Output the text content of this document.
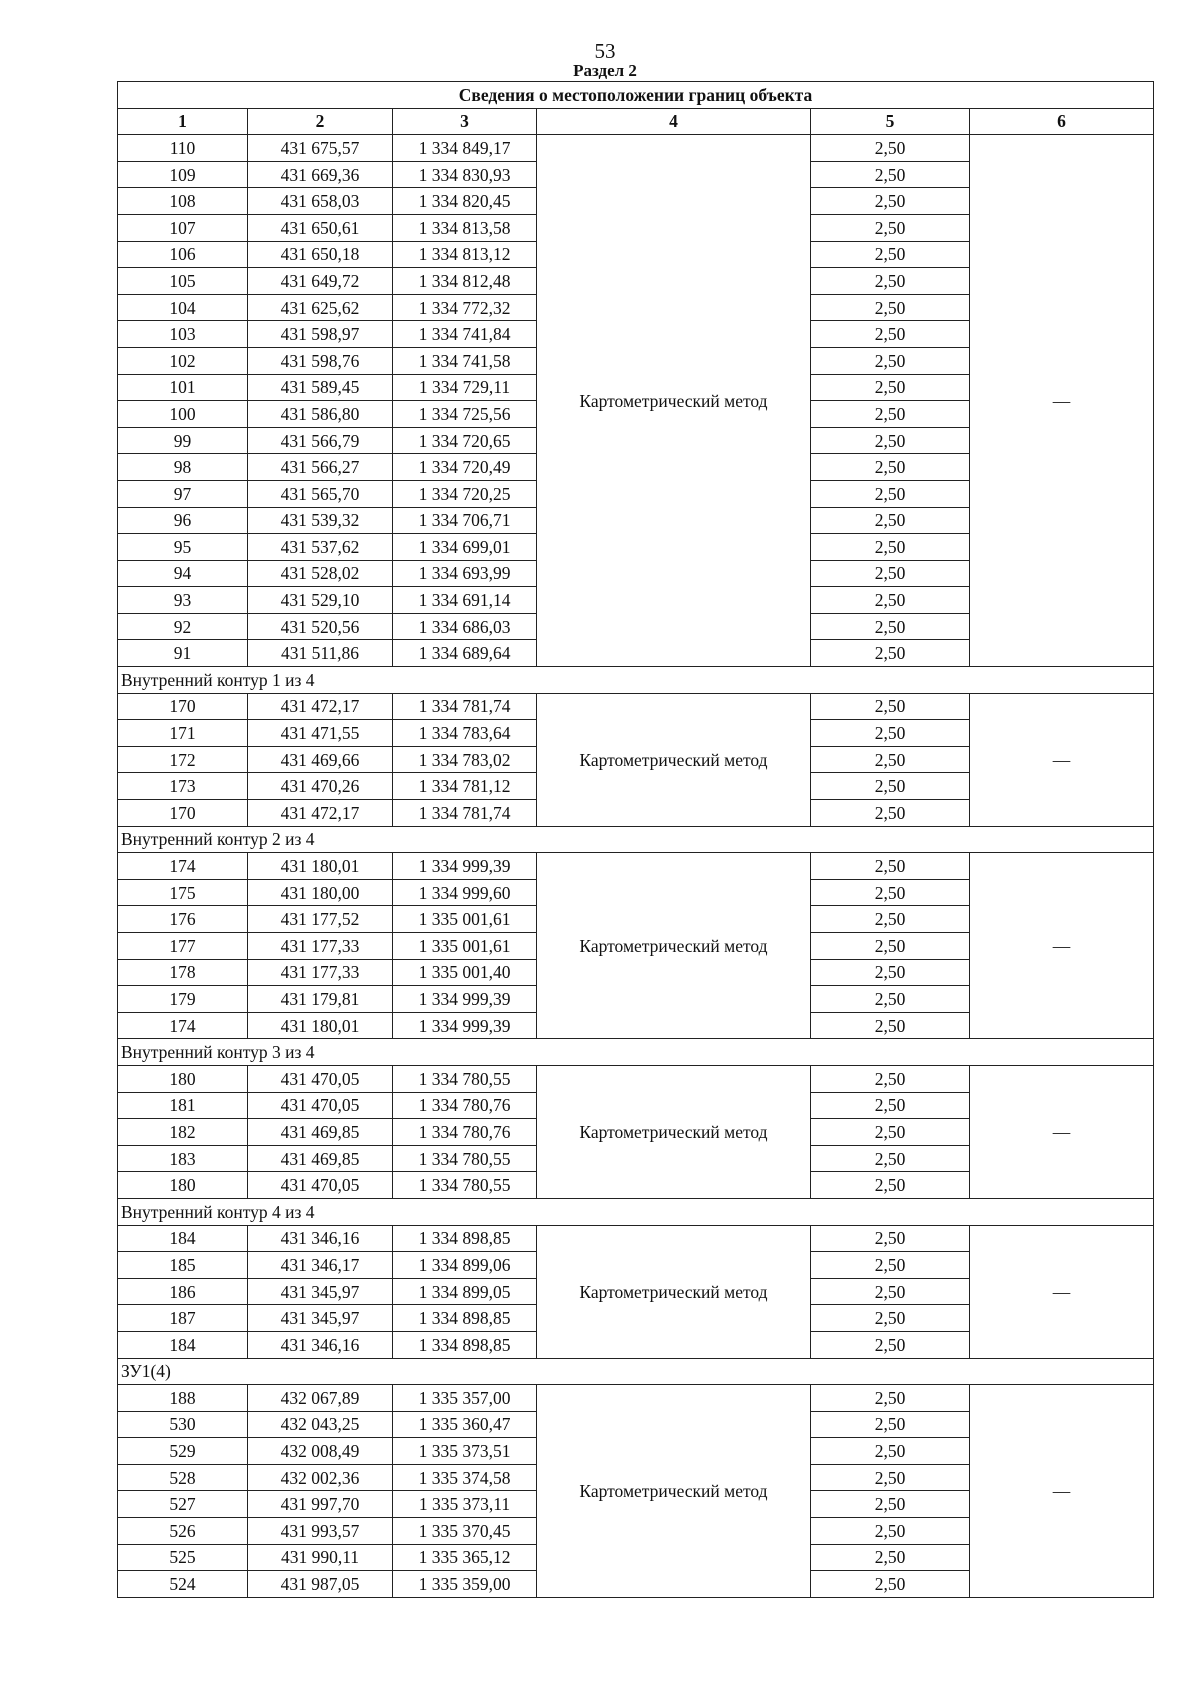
53
Раздел 2
Сведения о местоположении границ объекта					
1	2	3	4	5	6
110	431 675,57	1 334 849,17	Картометрический метод	2,50	—
109	431 669,36	1 334 830,93		2,50	
108	431 658,03	1 334 820,45		2,50	
107	431 650,61	1 334 813,58		2,50	
106	431 650,18	1 334 813,12		2,50	
105	431 649,72	1 334 812,48		2,50	
104	431 625,62	1 334 772,32		2,50	
103	431 598,97	1 334 741,84		2,50	
102	431 598,76	1 334 741,58		2,50	
101	431 589,45	1 334 729,11		2,50	
100	431 586,80	1 334 725,56		2,50	
99	431 566,79	1 334 720,65		2,50	
98	431 566,27	1 334 720,49		2,50	
97	431 565,70	1 334 720,25		2,50	
96	431 539,32	1 334 706,71		2,50	
95	431 537,62	1 334 699,01		2,50	
94	431 528,02	1 334 693,99		2,50	
93	431 529,10	1 334 691,14		2,50	
92	431 520,56	1 334 686,03		2,50	
91	431 511,86	1 334 689,64		2,50	
Внутренний контур 1 из 4					
170	431 472,17	1 334 781,74	Картометрический метод	2,50	—
171	431 471,55	1 334 783,64		2,50	
172	431 469,66	1 334 783,02		2,50	
173	431 470,26	1 334 781,12		2,50	
170	431 472,17	1 334 781,74		2,50	
Внутренний контур 2 из 4					
174	431 180,01	1 334 999,39	Картометрический метод	2,50	—
175	431 180,00	1 334 999,60		2,50	
176	431 177,52	1 335 001,61		2,50	
177	431 177,33	1 335 001,61		2,50	
178	431 177,33	1 335 001,40		2,50	
179	431 179,81	1 334 999,39		2,50	
174	431 180,01	1 334 999,39		2,50	
Внутренний контур 3 из 4					
180	431 470,05	1 334 780,55	Картометрический метод	2,50	—
181	431 470,05	1 334 780,76		2,50	
182	431 469,85	1 334 780,76		2,50	
183	431 469,85	1 334 780,55		2,50	
180	431 470,05	1 334 780,55		2,50	
Внутренний контур 4 из 4					
184	431 346,16	1 334 898,85	Картометрический метод	2,50	—
185	431 346,17	1 334 899,06		2,50	
186	431 345,97	1 334 899,05		2,50	
187	431 345,97	1 334 898,85		2,50	
184	431 346,16	1 334 898,85		2,50	
ЗУ1(4)					
188	432 067,89	1 335 357,00	Картометрический метод	2,50	—
530	432 043,25	1 335 360,47		2,50	
529	432 008,49	1 335 373,51		2,50	
528	432 002,36	1 335 374,58		2,50	
527	431 997,70	1 335 373,11		2,50	
526	431 993,57	1 335 370,45		2,50	
525	431 990,11	1 335 365,12		2,50	
524	431 987,05	1 335 359,00		2,50	
